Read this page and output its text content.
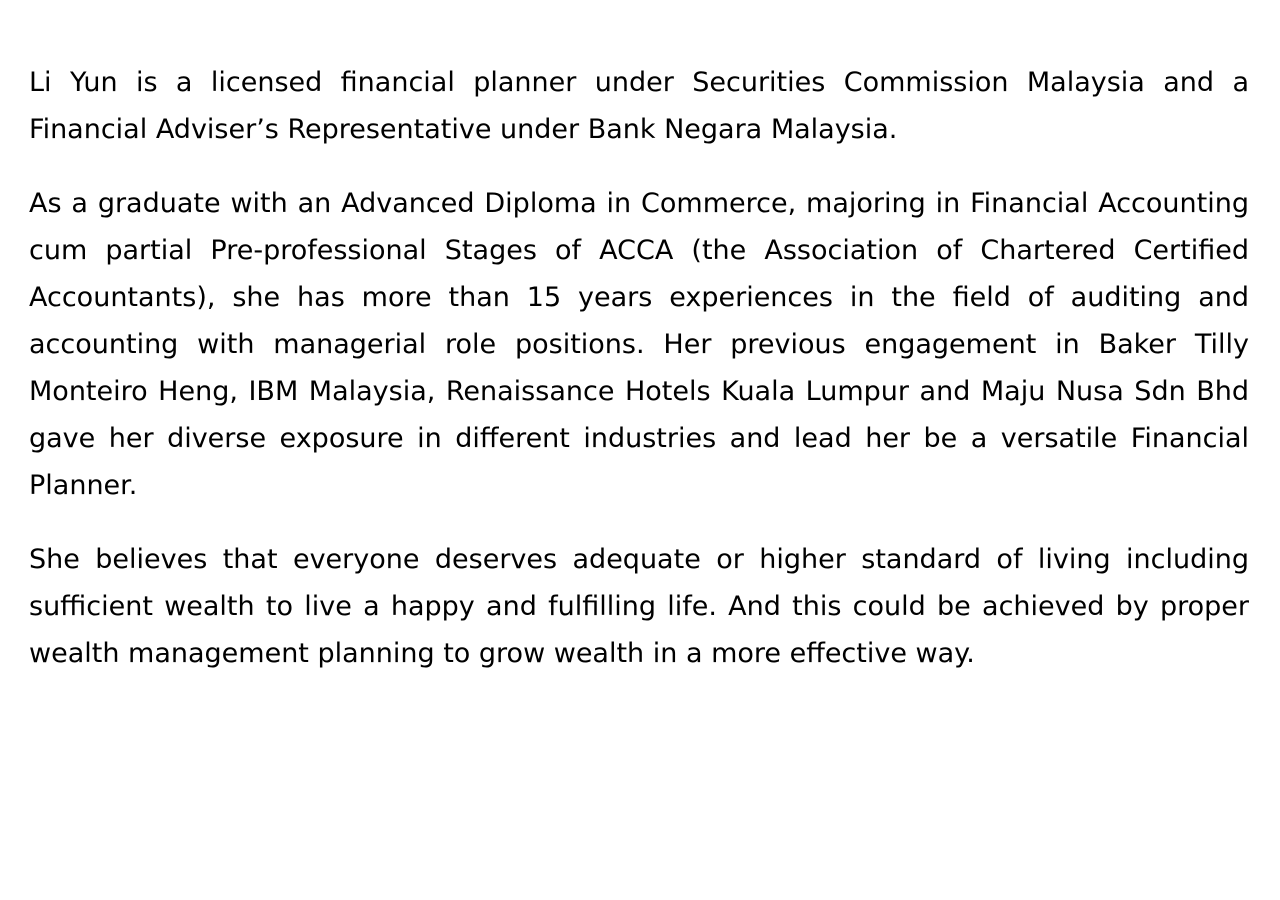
Li Yun is a licensed financial planner under Securities Commission Malaysia and a Financial Adviser’s Representative under Bank Negara Malaysia.

As a graduate with an Advanced Diploma in Commerce, majoring in Financial Accounting cum partial Pre-professional Stages of ACCA (the Association of Chartered Certified Accountants), she has more than 15 years experiences in the field of auditing and accounting with managerial role positions. Her previous engagement in Baker Tilly Monteiro Heng, IBM Malaysia, Renaissance Hotels Kuala Lumpur and Maju Nusa Sdn Bhd gave her diverse exposure in different industries and lead her be a versatile Financial Planner.

She believes that everyone deserves adequate or higher standard of living including sufficient wealth to live a happy and fulfilling life. And this could be achieved by proper wealth management planning to grow wealth in a more effective way.
